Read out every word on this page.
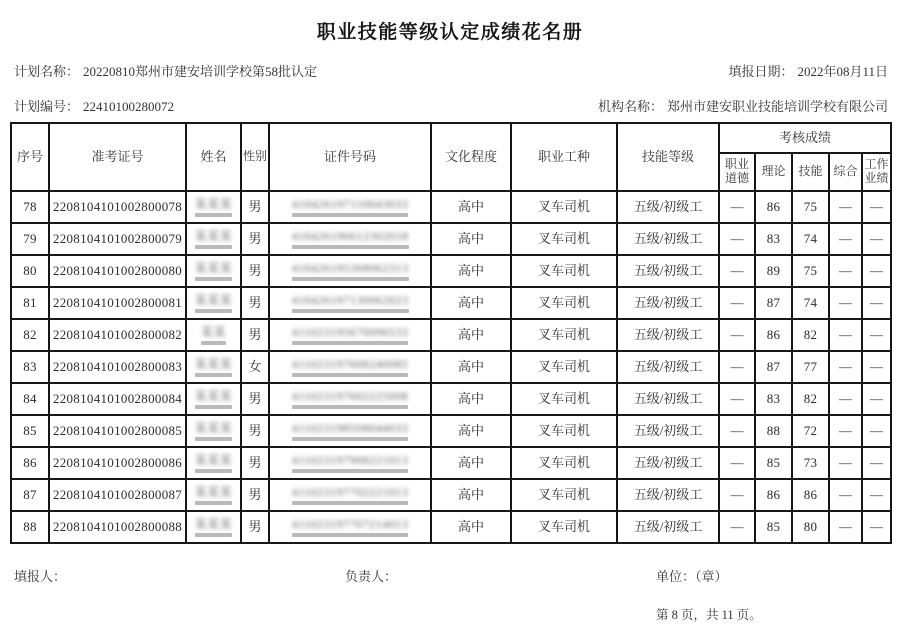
职业技能等级认定成绩花名册
计划名称： 20220810郑州市建安培训学校第58批认定	填报日期： 2022年08月11日
计划编号： 22410100280072	机构名称： 郑州市建安职业技能培训学校有限公司
序号	准考证号	姓名	性别	证件号码	文化程度	职业工种	技能等级	考核成绩				
								职业道德	理论	技能	综合	工作业绩
78	2208104101002800078	某某某	男	410426197110043033	高中	叉车司机	五级/初级工	—	86	75	—	—
79	2208104101002800079	某某某	男	410426196612302018	高中	叉车司机	五级/初级工	—	83	74	—	—
80	2208104101002800080	某某某	男	410426195308062313	高中	叉车司机	五级/初级工	—	89	75	—	—
81	2208104101002800081	某某某	男	410426197130062023	高中	叉车司机	五级/初级工	—	87	74	—	—
82	2208104101002800082	某某	男	411023195670096533	高中	叉车司机	五级/初级工	—	86	82	—	—
83	2208104101002800083	某某某	女	411023197608240085	高中	叉车司机	五级/初级工	—	87	77	—	—
84	2208104101002800084	某某某	男	411023197602225008	高中	叉车司机	五级/初级工	—	83	82	—	—
85	2208104101002800085	某某某	男	411023198508044033	高中	叉车司机	五级/初级工	—	88	72	—	—
86	2208104101002800086	某某某	男	411023197908221013	高中	叉车司机	五级/初级工	—	85	73	—	—
87	2208104101002800087	某某某	男	411023197702221013	高中	叉车司机	五级/初级工	—	86	86	—	—
88	2208104101002800088	某某某	男	411023197707214013	高中	叉车司机	五级/初级工	—	85	80	—	—
填报人：	负责人：	单位：（章）
第 8 页，共 11 页。
